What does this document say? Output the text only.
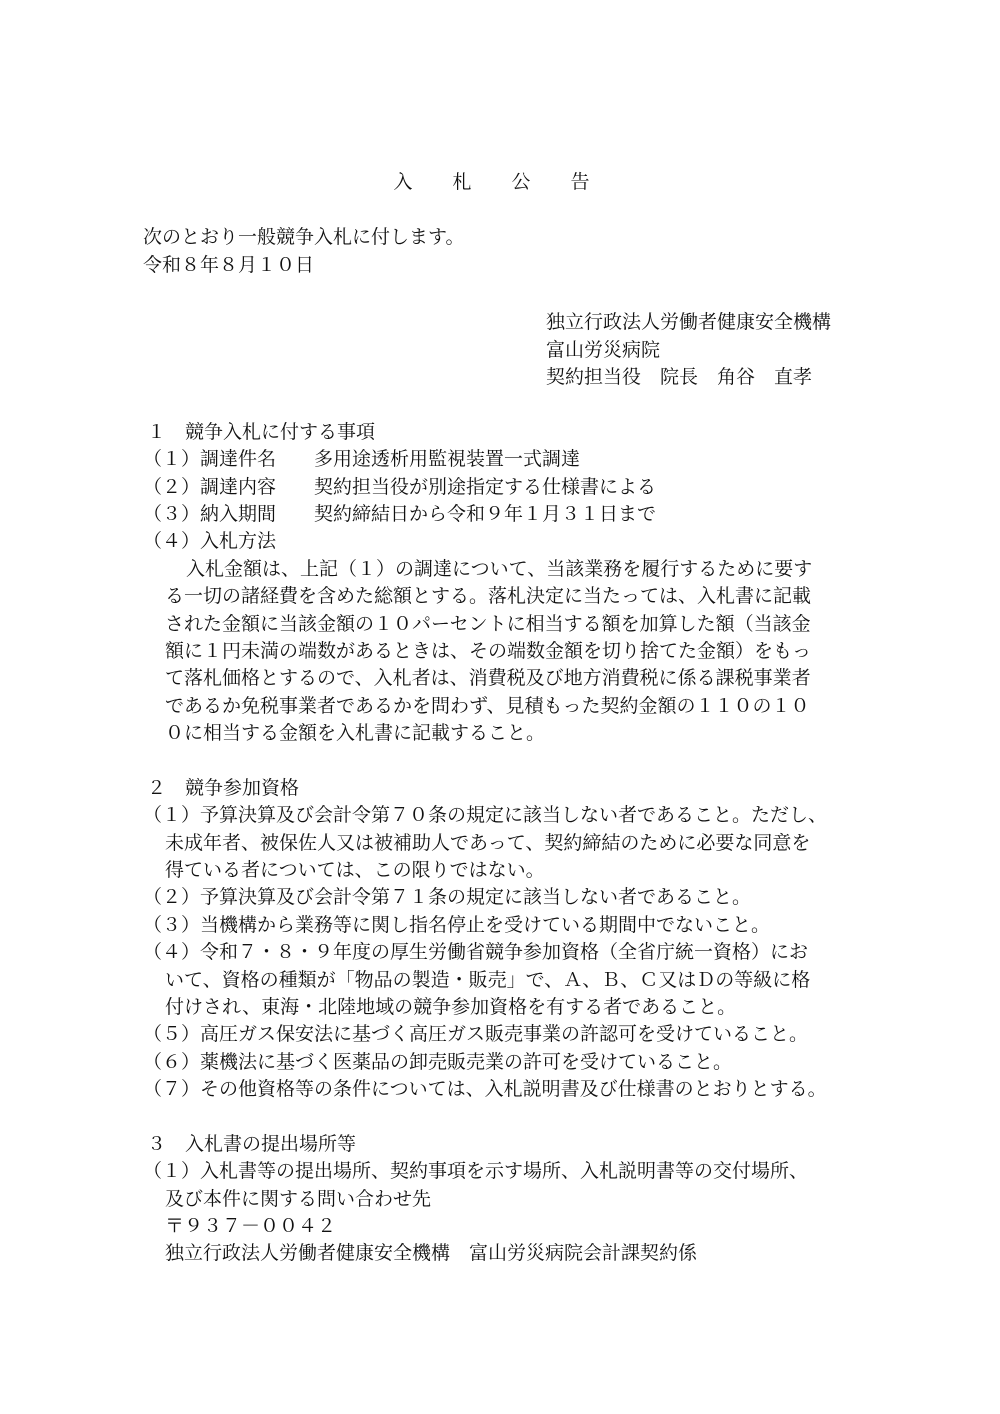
入 札 公 告
次のとおり一般競争入札に付します。
令和８年８月１０日
独立行政法人労働者健康安全機構
富山労災病院
契約担当役　院長　角谷　直孝
１　競争入札に付する事項
（１）調達件名　　多用途透析用監視装置一式調達
（２）調達内容　　契約担当役が別途指定する仕様書による
（３）納入期間　　契約締結日から令和９年１月３１日まで
（４）入札方法
入札金額は、上記（１）の調達について、当該業務を履行するために要す
る一切の諸経費を含めた総額とする。落札決定に当たっては、入札書に記載
された金額に当該金額の１０パーセントに相当する額を加算した額（当該金
額に１円未満の端数があるときは、その端数金額を切り捨てた金額）をもっ
て落札価格とするので、入札者は、消費税及び地方消費税に係る課税事業者
であるか免税事業者であるかを問わず、見積もった契約金額の１１０の１０
０に相当する金額を入札書に記載すること。
２　競争参加資格
（１）予算決算及び会計令第７０条の規定に該当しない者であること。ただし、
未成年者、被保佐人又は被補助人であって、契約締結のために必要な同意を
得ている者については、この限りではない。
（２）予算決算及び会計令第７１条の規定に該当しない者であること。
（３）当機構から業務等に関し指名停止を受けている期間中でないこと。
（４）令和７・８・９年度の厚生労働省競争参加資格（全省庁統一資格）にお
いて、資格の種類が「物品の製造・販売」で、Ａ、Ｂ、Ｃ又はＤの等級に格
付けされ、東海・北陸地域の競争参加資格を有する者であること。
（５）高圧ガス保安法に基づく高圧ガス販売事業の許認可を受けていること。
（６）薬機法に基づく医薬品の卸売販売業の許可を受けていること。
（７）その他資格等の条件については、入札説明書及び仕様書のとおりとする。
３　入札書の提出場所等
（１）入札書等の提出場所、契約事項を示す場所、入札説明書等の交付場所、
及び本件に関する問い合わせ先
〒９３７－００４２
独立行政法人労働者健康安全機構　富山労災病院会計課契約係
